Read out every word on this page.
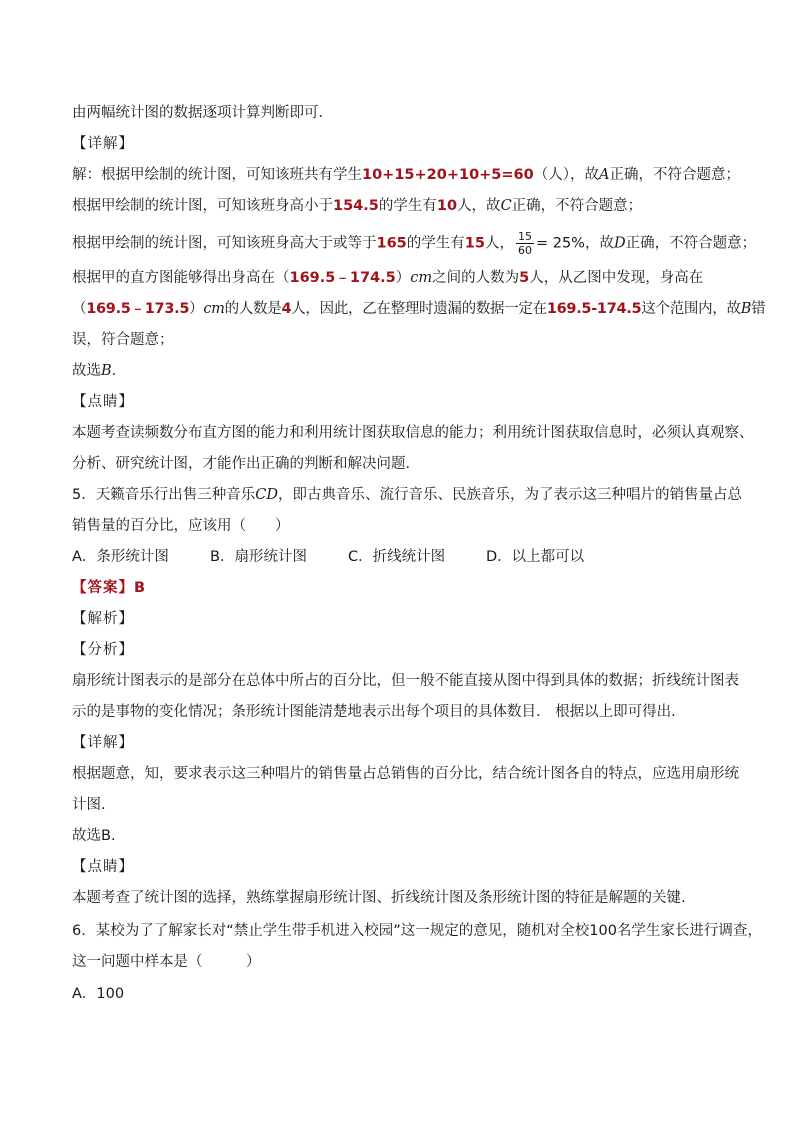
由两幅统计图的数据逐项计算判断即可．
【详解】
解：根据甲绘制的统计图，可知该班共有学生10+15+20+10+5=60（人），故A正确，不符合题意；
根据甲绘制的统计图，可知该班身高小于154.5的学生有10人，故C正确，不符合题意；
根据甲绘制的统计图，可知该班身高大于或等于165的学生有15人， $\frac{15}{60} = 25\%$，故D正确，不符合题意；
根据甲的直方图能够得出身高在（169.5﹣174.5）cm之间的人数为5人，从乙图中发现，身高在
（169.5﹣173.5）cm的人数是4人，因此，乙在整理时遗漏的数据一定在169.5-174.5这个范围内，故B错
误，符合题意；
故选B．
【点睛】
本题考查读频数分布直方图的能力和利用统计图获取信息的能力；利用统计图获取信息时，必须认真观察、
分析、研究统计图，才能作出正确的判断和解决问题．
5．天籁音乐行出售三种音乐CD，即古典音乐、流行音乐、民族音乐，为了表示这三种唱片的销售量占总
销售量的百分比，应该用（　　）
A．条形统计图	B．扇形统计图	C．折线统计图	D．以上都可以
【答案】B
【解析】
【分析】
扇形统计图表示的是部分在总体中所占的百分比，但一般不能直接从图中得到具体的数据；折线统计图表
示的是事物的变化情况；条形统计图能清楚地表示出每个项目的具体数目． 根据以上即可得出.
【详解】
根据题意，知，要求表示这三种唱片的销售量占总销售的百分比，结合统计图各自的特点，应选用扇形统
计图.
故选B.
【点睛】
本题考查了统计图的选择，熟练掌握扇形统计图、折线统计图及条形统计图的特征是解题的关键.
6．某校为了了解家长对“禁止学生带手机进入校园”这一规定的意见，随机对全校100名学生家长进行调查，
这一问题中样本是（　　　）
A．100
